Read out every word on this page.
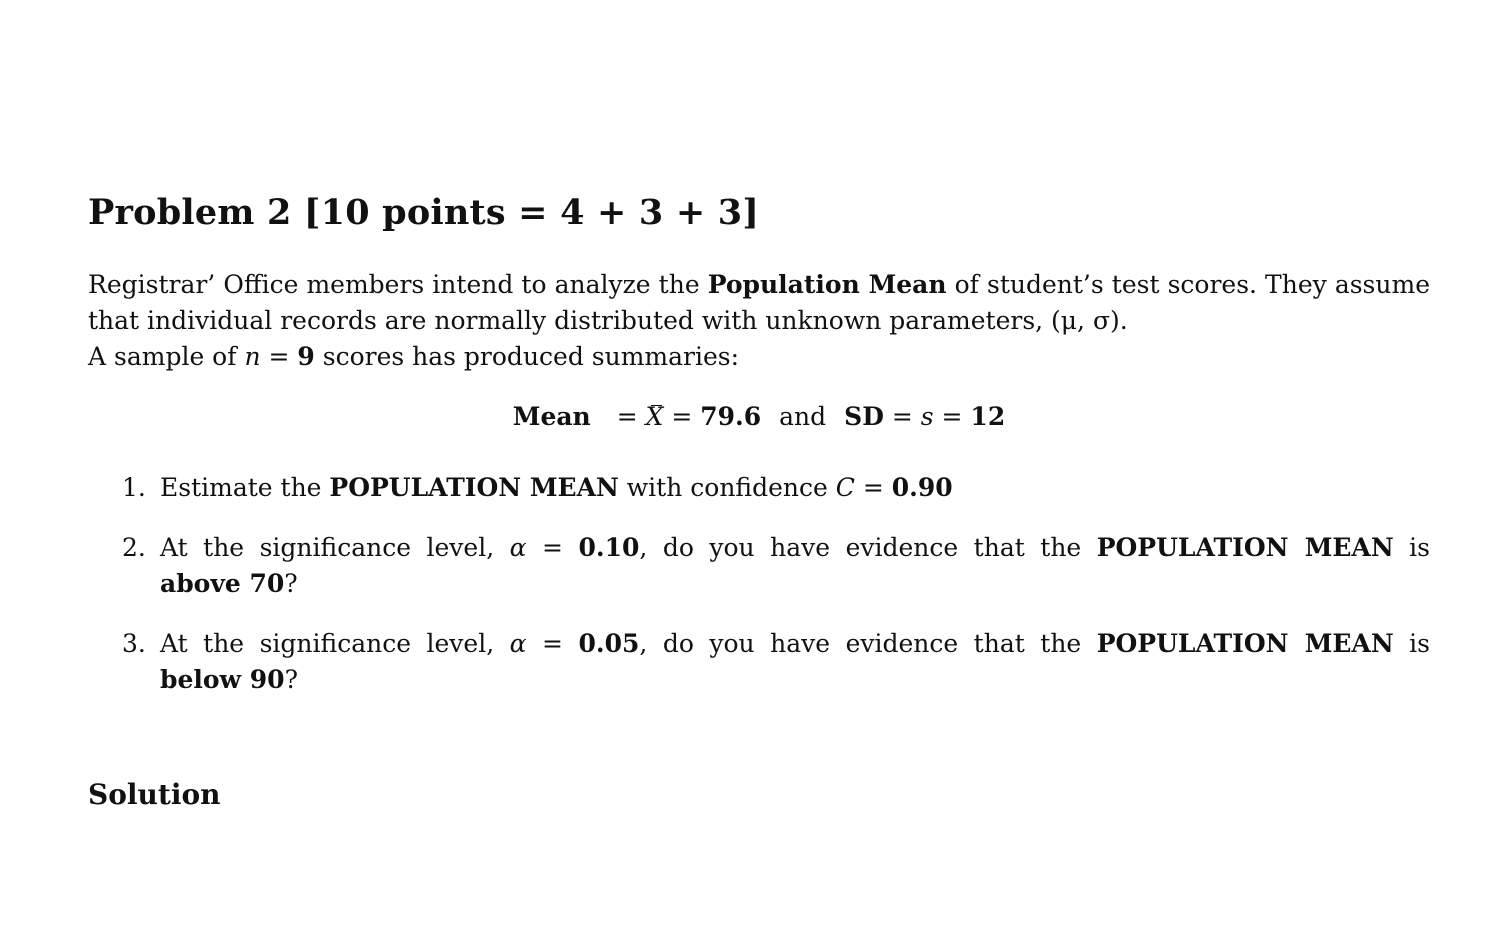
Problem 2 [10 points = 4 + 3 + 3]
Registrar’ Office members intend to analyze the Population Mean of student’s test scores. They assume
that individual records are normally distributed with unknown parameters, (μ, σ).
A sample of n = 9 scores has produced summaries:
Mean = X = 79.6 and SD = s = 12
1. Estimate the POPULATION MEAN with confidence C = 0.90
2. At the significance level, α = 0.10, do you have evidence that the POPULATION MEAN is
above 70?
3. At the significance level, α = 0.05, do you have evidence that the POPULATION MEAN is
below 90?
Solution
